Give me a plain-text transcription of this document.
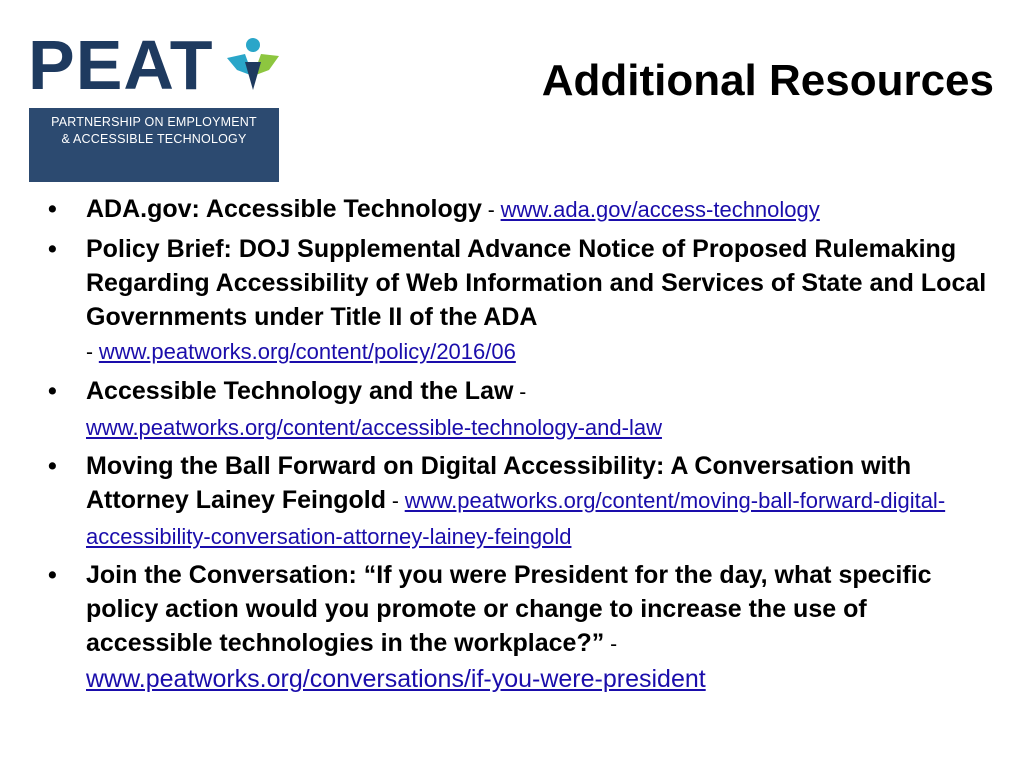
PEAT
PARTNERSHIP ON EMPLOYMENT
& ACCESSIBLE TECHNOLOGY
Additional Resources
• ADA.gov: Accessible Technology - www.ada.gov/access-technology
• Policy Brief: DOJ Supplemental Advance Notice of Proposed Rulemaking Regarding Accessibility of Web Information and Services of State and Local Governments under Title II of the ADA
- www.peatworks.org/content/policy/2016/06
• Accessible Technology and the Law -
www.peatworks.org/content/accessible-technology-and-law
• Moving the Ball Forward on Digital Accessibility: A Conversation with Attorney Lainey Feingold - www.peatworks.org/content/moving-ball-forward-digital-accessibility-conversation-attorney-lainey-feingold
• Join the Conversation: “If you were President for the day, what specific policy action would you promote or change to increase the use of accessible technologies in the workplace?” -
www.peatworks.org/conversations/if-you-were-president
